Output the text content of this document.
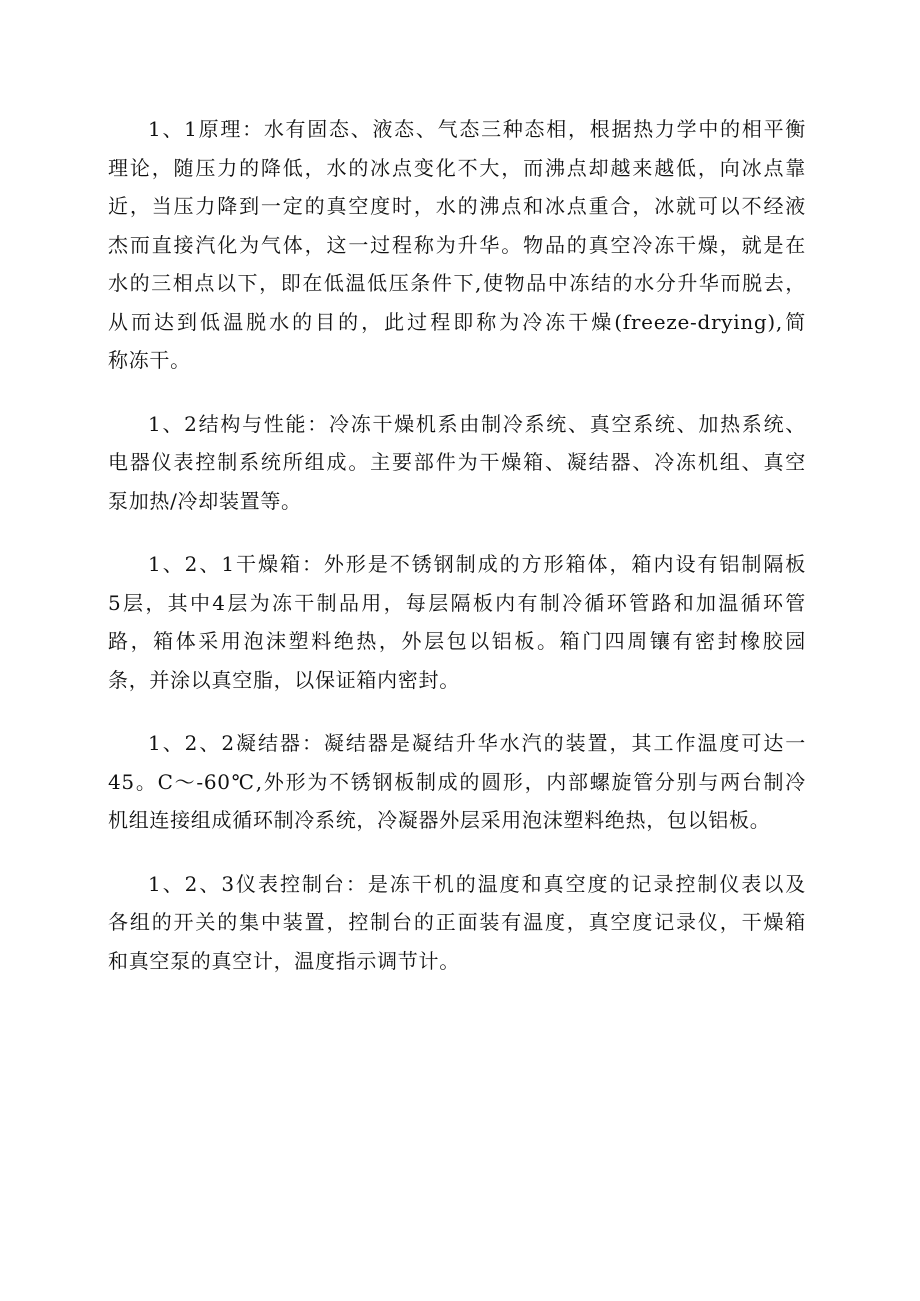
1、1原理：水有固态、液态、气态三种态相，根据热力学中的相平衡
理论，随压力的降低，水的冰点变化不大，而沸点却越来越低，向冰点靠
近，当压力降到一定的真空度时，水的沸点和冰点重合，冰就可以不经液
杰而直接汽化为气体，这一过程称为升华。物品的真空冷冻干燥，就是在
水的三相点以下，即在低温低压条件下,使物品中冻结的水分升华而脱去，
从而达到低温脱水的目的，此过程即称为冷冻干燥(freeze-drying),简
称冻干。

1、2结构与性能：冷冻干燥机系由制冷系统、真空系统、加热系统、
电器仪表控制系统所组成。主要部件为干燥箱、凝结器、冷冻机组、真空
泵加热/冷却装置等。

1、2、1干燥箱：外形是不锈钢制成的方形箱体，箱内设有铝制隔板
5层，其中4层为冻干制品用，每层隔板内有制冷循环管路和加温循环管
路，箱体采用泡沫塑料绝热，外层包以铝板。箱门四周镶有密封橡胶园
条，并涂以真空脂，以保证箱内密封。

1、2、2凝结器：凝结器是凝结升华水汽的装置，其工作温度可达一
45。C～-60℃,外形为不锈钢板制成的圆形，内部螺旋管分别与两台制冷
机组连接组成循环制冷系统，冷凝器外层采用泡沫塑料绝热，包以铝板。

1、2、3仪表控制台：是冻干机的温度和真空度的记录控制仪表以及
各组的开关的集中装置，控制台的正面装有温度，真空度记录仪，干燥箱
和真空泵的真空计，温度指示调节计。
